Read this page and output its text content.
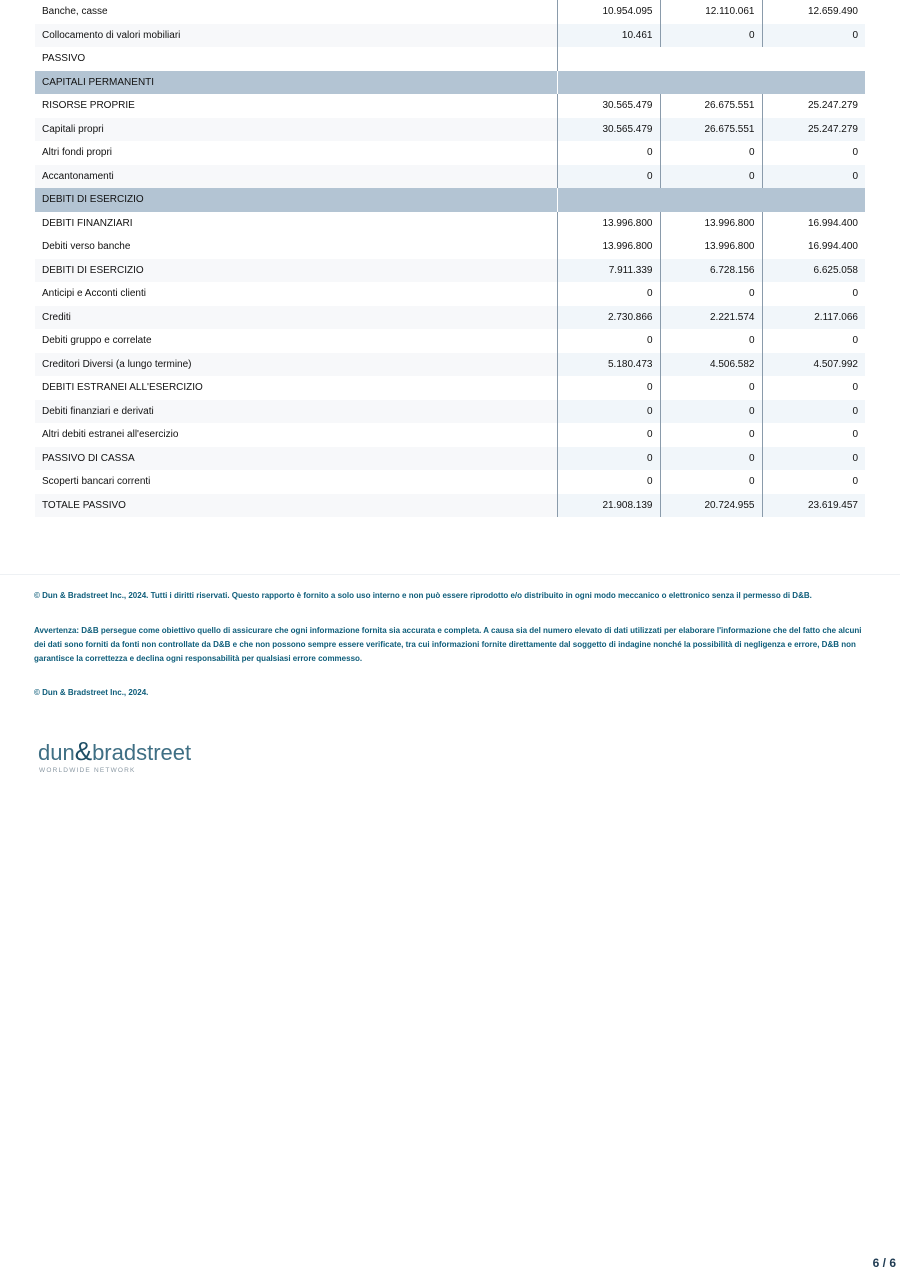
Banche, casse	10.954.095	12.110.061	12.659.490
Collocamento di valori mobiliari	10.461	0	0
PASSIVO			
CAPITALI PERMANENTI			
RISORSE PROPRIE	30.565.479	26.675.551	25.247.279
Capitali propri	30.565.479	26.675.551	25.247.279
Altri fondi propri	0	0	0
Accantonamenti	0	0	0
DEBITI DI ESERCIZIO			
DEBITI FINANZIARI	13.996.800	13.996.800	16.994.400
Debiti verso banche	13.996.800	13.996.800	16.994.400
DEBITI DI ESERCIZIO	7.911.339	6.728.156	6.625.058
Anticipi e Acconti clienti	0	0	0
Crediti	2.730.866	2.221.574	2.117.066
Debiti gruppo e correlate	0	0	0
Creditori Diversi (a lungo termine)	5.180.473	4.506.582	4.507.992
DEBITI ESTRANEI ALL'ESERCIZIO	0	0	0
Debiti finanziari e derivati	0	0	0
Altri debiti estranei all'esercizio	0	0	0
PASSIVO DI CASSA	0	0	0
Scoperti bancari correnti	0	0	0
TOTALE PASSIVO	21.908.139	20.724.955	23.619.457
© Dun & Bradstreet Inc., 2024. Tutti i diritti riservati. Questo rapporto è fornito a solo uso interno e non può essere riprodotto e/o distribuito in ogni modo meccanico o elettronico senza il permesso di D&B.
Avvertenza: D&B persegue come obiettivo quello di assicurare che ogni informazione fornita sia accurata e completa. A causa sia del numero elevato di dati utilizzati per elaborare l'informazione che del fatto che alcuni dei dati sono forniti da fonti non controllate da D&B e che non possono sempre essere verificate, tra cui informazioni fornite direttamente dal soggetto di indagine nonché la possibilità di negligenza e errore, D&B non garantisce la correttezza e declina ogni responsabilità per qualsiasi errore commesso.
© Dun & Bradstreet Inc., 2024.
dun&bradstreet
WORLDWIDE NETWORK
6 / 6
